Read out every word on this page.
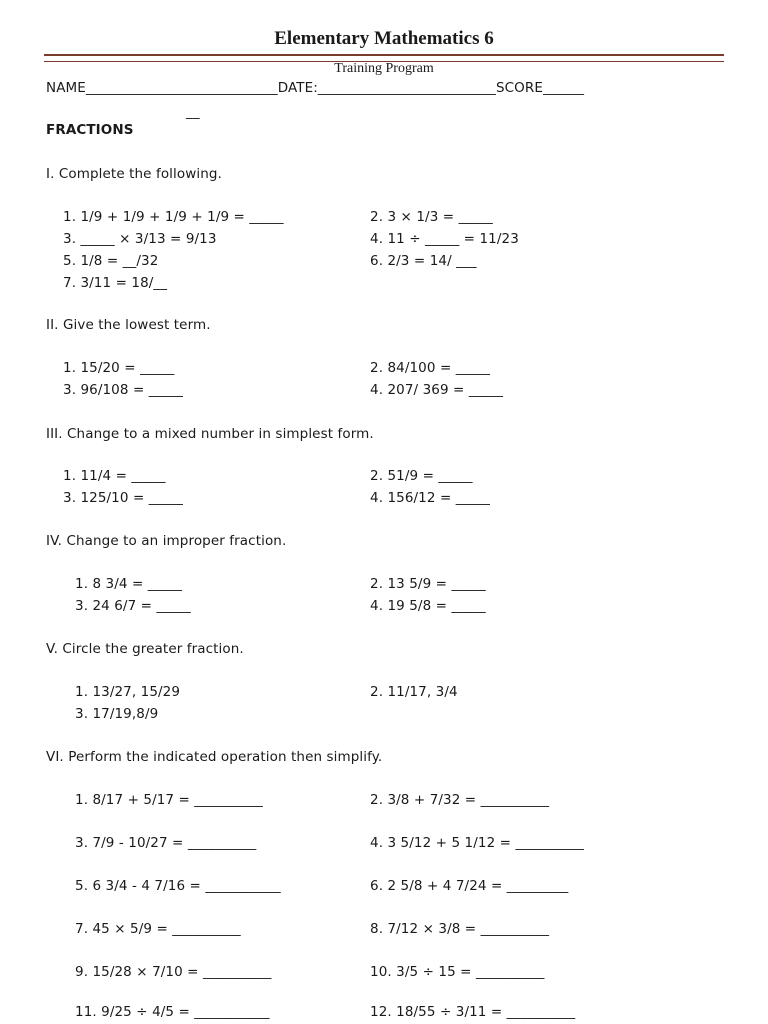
Elementary Mathematics 6
Training Program
NAME____________________________DATE:__________________________SCORE______
__
FRACTIONS
I. Complete the following.
1. 1/9 + 1/9 + 1/9 + 1/9 = _____	2. 3 × 1/3 = _____
3. _____ × 3/13 = 9/13	4. 11 ÷ _____ = 11/23
5. 1/8 = __/32	6. 2/3 = 14/ ___
7. 3/11 = 18/__
II. Give the lowest term.
1. 15/20 = _____	2. 84/100 = _____
3. 96/108 = _____	4. 207/ 369 = _____
III. Change to a mixed number in simplest form.
1. 11/4 = _____	2. 51/9 = _____
3. 125/10 = _____	4. 156/12 = _____
IV. Change to an improper fraction.
1. 8 3/4 = _____	2. 13 5/9 = _____
3. 24 6/7 = _____	4. 19 5/8 = _____
V. Circle the greater fraction.
1. 13/27, 15/29	2. 11/17, 3/4
3. 17/19,8/9
VI. Perform the indicated operation then simplify.
1. 8/17 + 5/17 = __________	2. 3/8 + 7/32 = __________
3. 7/9 - 10/27 = __________	4. 3 5/12 + 5 1/12 = __________
5. 6 3/4 - 4 7/16 = ___________	6. 2 5/8 + 4 7/24 = _________
7. 45 × 5/9 = __________	8. 7/12 × 3/8 = __________
9. 15/28 × 7/10 = __________	10. 3/5 ÷ 15 = __________
11. 9/25 ÷ 4/5 = ___________	12. 18/55 ÷ 3/11 = __________
